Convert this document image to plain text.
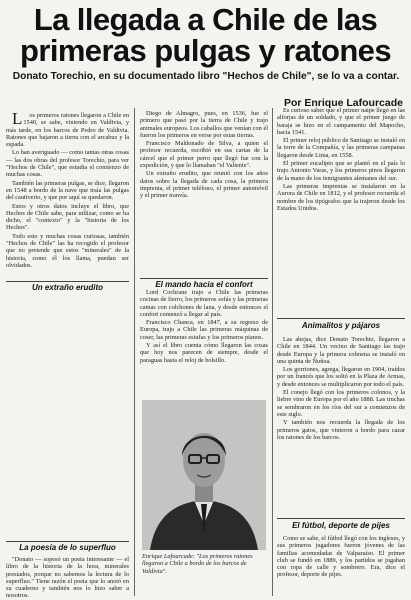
La llegada a Chile de las primeras pulgas y ratones
Donato Torechio, en su documentado libro "Hechos de Chile", se lo va a contar.
Por Enrique Lafourcade

Los primeros ratones llegaron a Chile en 1540, se sabe, viniendo en Valdivia, y más tarde, en los barcos de Pedro de Valdivia. Ratones que bajaron a tierra con el arcabuz y la espada.

Lo han averiguado — como tantas otras cosas — las dos obras del profesor Torechio, para ver "Hechos de Chile", que estudia el comienzo de muchas cosas.

También las primeras pulgas, se dice, llegaron en 1548 a bordo de la nave que traía las pulgas del cautiverio, y que por aquí se quedaron.

Estos y otros datos incluye el libro, que Hechos de Chile sabe, para utilizar, como se ha dicho, el "contexto" y la "historia de los Hechos".

Todo esto y muchas cosas curiosas, también "Hechos de Chile" las ha recogido el profesor que no pretende que estos "minerales" de la historia, como él los llama, puedan ser olvidados.

Un extraño erudito
La poesía de lo superfluo

"Donato — sopesó un poeta interesante — el libro de la historia de la hora, minerales prestados, porque no sabemos la lectura de lo superfluo." Tiene razón el poeta que lo anotó en su cuaderno y también nos lo hizo saber a nosotros.

Diego de Almagro, pues, en 1536, fue el primero que pasó por la tierra de Chile y trajo animales europeos. Los caballos que venían con él fueron los primeros en verse por estas tierras.

Francisco Maldonado de Silva, a quien el profesor recuerda, escribió en sus cartas de la cárcel que el primer perro que llegó fue con la expedición, y que lo llamaban "el Valiente".

Un extraño erudito, que reunió con los años datos sobre la llegada de cada cosa, la primera imprenta, el primer teléfono, el primer automóvil y el primer tranvía.

El mando hacia el confort

Lord Cochrane trajo a Chile las primeras cocinas de fierro, los primeros sofás y las primeras camas con colchones de lana, y desde entonces el confort comenzó a llegar al país.

Francisco Chanca, en 1847, a su regreso de Europa, trajo a Chile las primeras máquinas de coser, las primeras estufas y los primeros pianos.

Y así el libro cuenta cómo llegaron las cosas que hoy nos parecen de siempre, desde el paraguas hasta el reloj de bolsillo.

Enrique Lafourcade: "Los primeros ratones llegaron a Chile a bordo de los barcos de Valdivia".

Es curioso saber que el primer naipe llegó en las alforjas de un soldado, y que el primer juego de baraja se hizo en el campamento del Mapocho, hacia 1541.

El primer reloj público de Santiago se instaló en la torre de la Compañía, y las primeras campanas llegaron desde Lima, en 1558.

El primer eucalipto que se plantó en el país lo trajo Antonio Varas, y los primeros pinos llegaron de la mano de los inmigrantes alemanes del sur.

Las primeras imprentas se instalaron en la Aurora de Chile en 1812, y el profesor recuerda el nombre de los tipógrafos que la trajeron desde los Estados Unidos.

Animalitos y pájaros

Las abejas, dice Donato Torechio, llegaron a Chile en 1844. Un vecino de Santiago las trajo desde Europa y la primera colmena se instaló en una quinta de Ñuñoa.

Los gorriones, agrega, llegaron en 1904, traídos por un francés que los soltó en la Plaza de Armas, y desde entonces se multiplicaron por todo el país.

El conejo llegó con los primeros colonos, y la liebre vino de Europa por el año 1888. Las truchas se sembraron en los ríos del sur a comienzos de este siglo.

Y también nos recuerda la llegada de los primeros gatos, que vinieron a bordo para cazar los ratones de los barcos.

El fútbol, deporte de pijes

Como se sabe, el fútbol llegó con los ingleses, y sus primeros jugadores fueron jóvenes de las familias acomodadas de Valparaíso. El primer club se fundó en 1889, y los partidos se jugaban con ropa de calle y sombrero. Era, dice el profesor, deporte de pijes.
